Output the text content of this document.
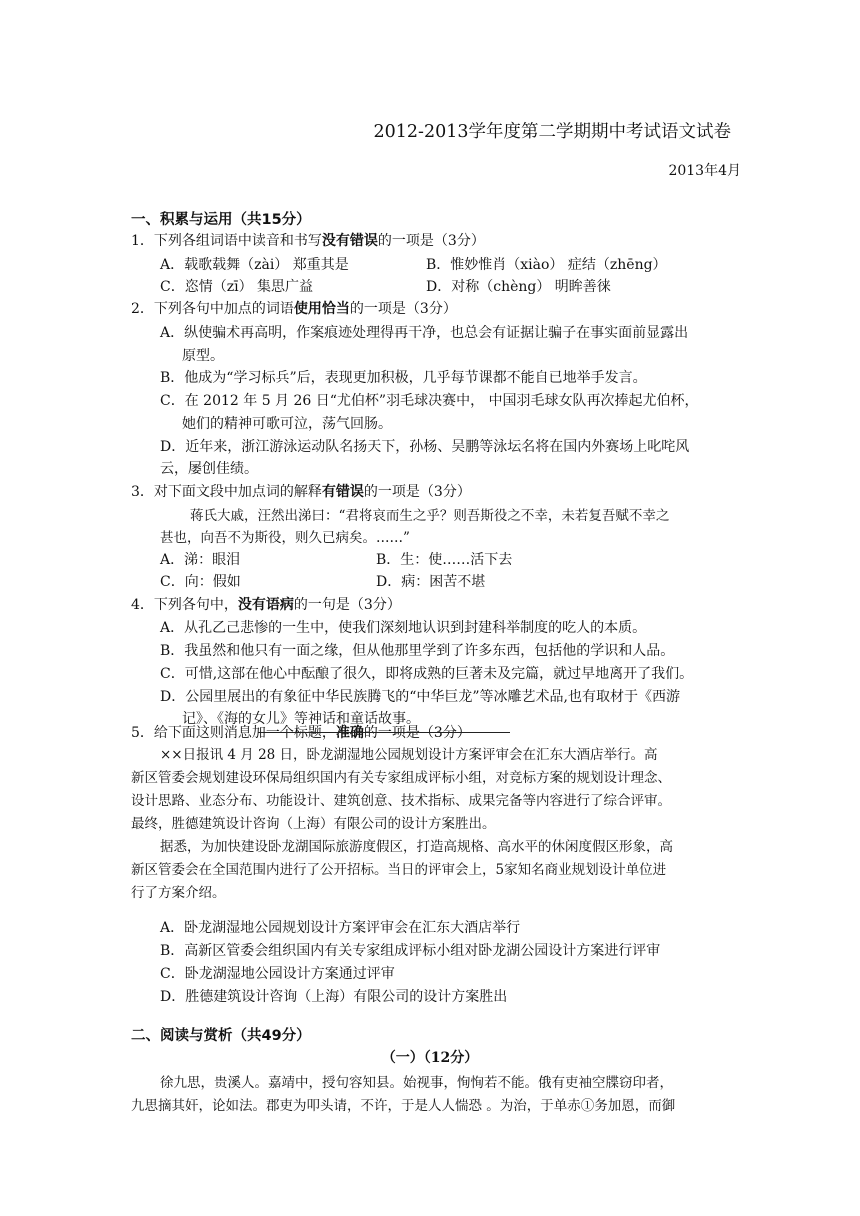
2012-2013学年度第二学期期中考试语文试卷
2013年4月
一、积累与运用（共15分）
1．下列各组词语中读音和书写没有错误的一项是（3分）
A．载歌载舞（zài） 郑重其是	B．惟妙惟肖（xiào） 症结（zhēng）
C．恣情（zī） 集思广益	D．对称（chèng） 明眸善徕
2．下列各句中加点的词语使用恰当的一项是（3分）
A．纵使骗术再高明，作案痕迹处理得再干净，也总会有证据让骗子在事实面前显露出
原型。
B．他成为“学习标兵”后，表现更加积极，几乎每节课都不能自已地举手发言。
C．在 2012 年 5 月 26 日“尤伯杯”羽毛球决赛中， 中国羽毛球女队再次捧起尤伯杯，
她们的精神可歌可泣，荡气回肠。
D．近年来，浙江游泳运动队名扬天下，孙杨、吴鹏等泳坛名将在国内外赛场上叱咤风
云，屡创佳绩。
3．对下面文段中加点词的解释有错误的一项是（3分）
蒋氏大戚，汪然出涕曰：“君将哀而生之乎？则吾斯役之不幸，未若复吾赋不幸之
甚也，向吾不为斯役，则久已病矣。……”
A．涕：眼泪	B．生：使……活下去
C．向：假如	D．病：困苦不堪
4．下列各句中，没有语病的一句是（3分）
A．从孔乙己悲惨的一生中，使我们深刻地认识到封建科举制度的吃人的本质。
B．我虽然和他只有一面之缘，但从他那里学到了许多东西，包括他的学识和人品。
C．可惜,这部在他心中酝酿了很久，即将成熟的巨著未及完篇，就过早地离开了我们。
D．公园里展出的有象征中华民族腾飞的“中华巨龙”等冰雕艺术品,也有取材于《西游
记》、《海的女儿》等神话和童话故事。
5．给下面这则消息加一个标题，准确的一项是（3分）
××日报讯 4 月 28 日，卧龙湖湿地公园规划设计方案评审会在汇东大酒店举行。高
新区管委会规划建设环保局组织国内有关专家组成评标小组，对竞标方案的规划设计理念、
设计思路、业态分布、功能设计、建筑创意、技术指标、成果完备等内容进行了综合评审。
最终，胜德建筑设计咨询（上海）有限公司的设计方案胜出。
据悉，为加快建设卧龙湖国际旅游度假区，打造高规格、高水平的休闲度假区形象，高
新区管委会在全国范围内进行了公开招标。当日的评审会上，5家知名商业规划设计单位进
行了方案介绍。
A．卧龙湖湿地公园规划设计方案评审会在汇东大酒店举行
B．高新区管委会组织国内有关专家组成评标小组对卧龙湖公园设计方案进行评审
C．卧龙湖湿地公园设计方案通过评审
D．胜德建筑设计咨询（上海）有限公司的设计方案胜出
二、阅读与赏析（共49分）
（一）（12分）
徐九思，贵溪人。嘉靖中，授句容知县。始视事，恂恂若不能。俄有吏袖空牒窃印者，
九思摘其奸，论如法。郡吏为叩头请，不许，于是人人惴恐 。为治，于单赤①务加恩，而御
